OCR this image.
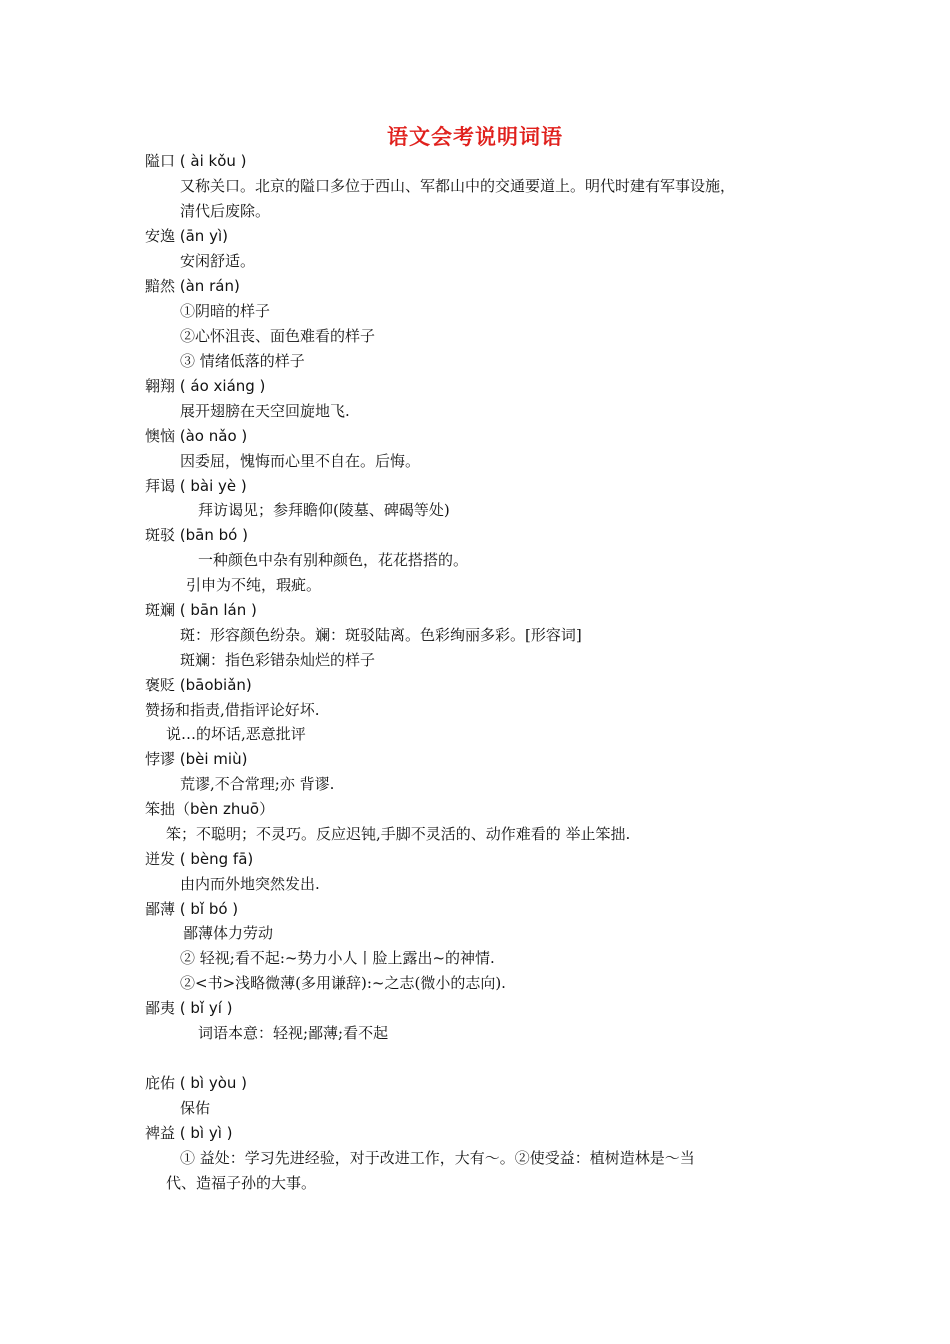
语文会考说明词语
隘口 ( ài kǒu )
又称关口。北京的隘口多位于西山、军都山中的交通要道上。明代时建有军事设施，
清代后废除。
安逸 (ān yì)
安闲舒适。
黯然 (àn rán)
①阴暗的样子
②心怀沮丧、面色难看的样子
③ 情绪低落的样子
翱翔 ( áo xiáng )
展开翅膀在天空回旋地飞.
懊恼 (ào nǎo )
因委屈，愧悔而心里不自在。后悔。
拜谒 ( bài yè )
拜访谒见；参拜瞻仰(陵墓、碑碣等处)
斑驳 (bān bó )
一种颜色中杂有别种颜色，花花搭搭的。
引申为不纯，瑕疵。
斑斓 ( bān lán )
斑：形容颜色纷杂。斓：斑驳陆离。色彩绚丽多彩。[形容词]
斑斓：指色彩错杂灿烂的样子
褒贬 (bāobiǎn)
赞扬和指责,借指评论好坏.
说…的坏话,恶意批评
悖谬 (bèi miù)
荒谬,不合常理;亦 背谬.
笨拙（bèn zhuō）
笨；不聪明；不灵巧。反应迟钝,手脚不灵活的、动作难看的 举止笨拙.
迸发 ( bèng fā)
由内而外地突然发出.
鄙薄 ( bǐ bó )
鄙薄体力劳动
② 轻视;看不起:~势力小人丨脸上露出~的神情.
②<书>浅略微薄(多用谦辞):~之志(微小的志向).
鄙夷 ( bǐ yí )
词语本意：轻视;鄙薄;看不起
庇佑 ( bì yòu )
保佑
裨益 ( bì yì )
① 益处：学习先进经验，对于改进工作，大有～。②使受益：植树造林是～当
代、造福子孙的大事。
